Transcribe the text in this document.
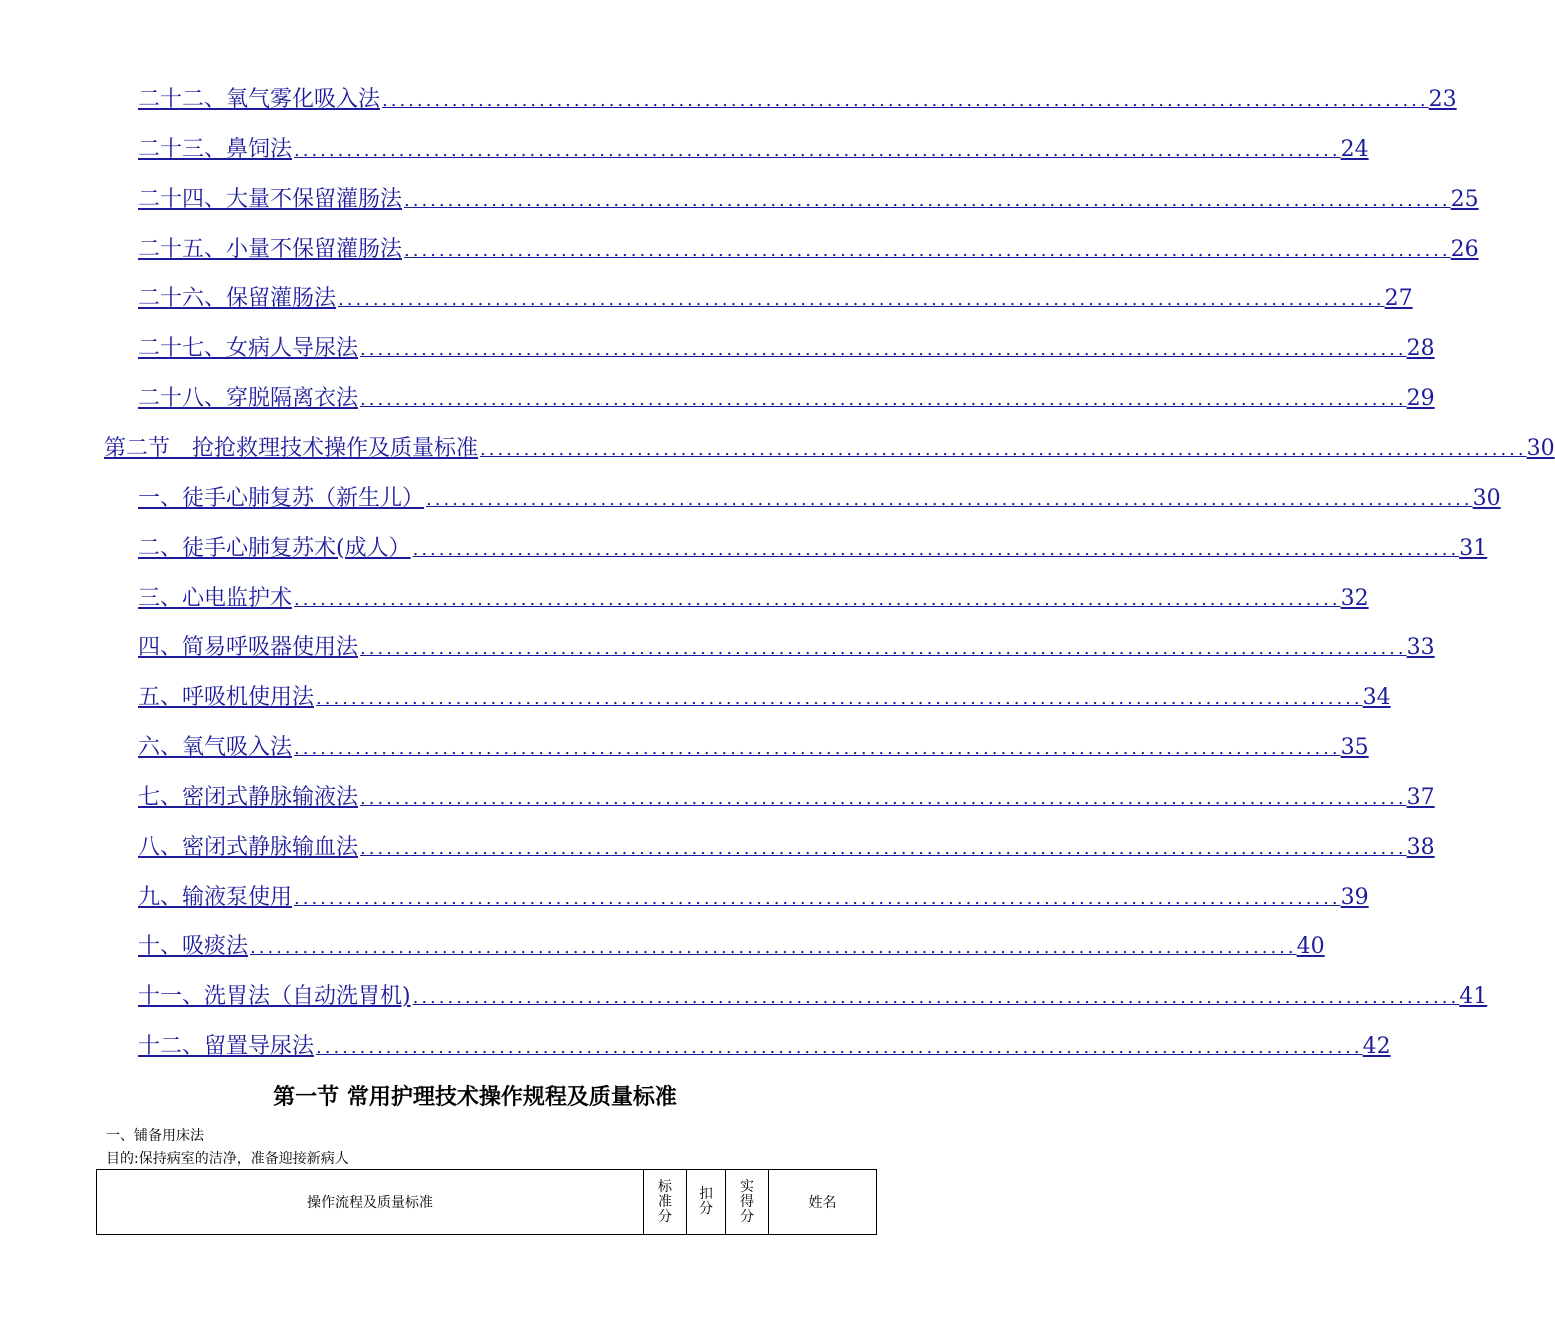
二十二、氧气雾化吸入法 ........................................................................................................................ 23
二十三、鼻饲法 ........................................................................................................................ 24
二十四、大量不保留灌肠法 ........................................................................................................................ 25
二十五、小量不保留灌肠法 ........................................................................................................................ 26
二十六、保留灌肠法 ........................................................................................................................ 27
二十七、女病人导尿法 ........................................................................................................................ 28
二十八、穿脱隔离衣法 ........................................................................................................................ 29
第二节　抢抢救理技术操作及质量标准 ........................................................................................................................ 30
一、徒手心肺复苏（新生儿） ........................................................................................................................ 30
二、徒手心肺复苏术(成人） ........................................................................................................................ 31
三、心电监护术 ........................................................................................................................ 32
四、简易呼吸器使用法 ........................................................................................................................ 33
五、呼吸机使用法 ........................................................................................................................ 34
六、氧气吸入法 ........................................................................................................................ 35
七、密闭式静脉输液法 ........................................................................................................................ 37
八、密闭式静脉输血法 ........................................................................................................................ 38
九、输液泵使用 ........................................................................................................................ 39
十、吸痰法 ........................................................................................................................ 40
十一、洗胃法（自动洗胃机) ........................................................................................................................ 41
十二、留置导尿法 ........................................................................................................................ 42
第一节 常用护理技术操作规程及质量标准
一、铺备用床法
目的:保持病室的洁净，准备迎接新病人
操作流程及质量标准	标准分	扣分	实得分	姓名
